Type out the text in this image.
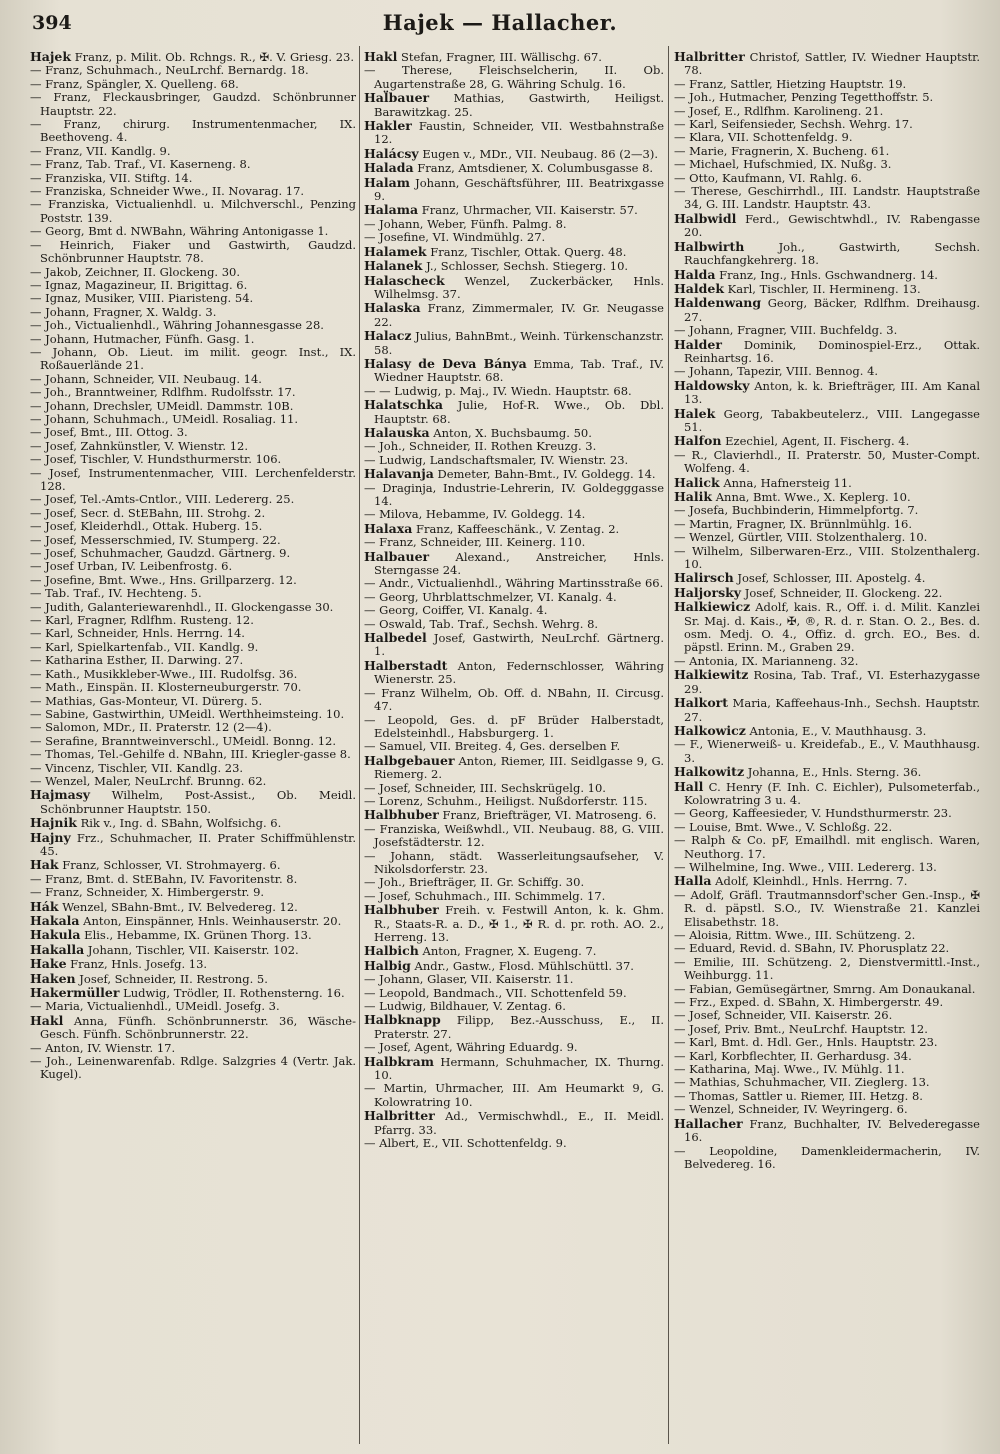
394	Hajek — Hallacher.
Hajek Franz, p. Milit. Ob. Rchngs. R., ✠. V. Griesg. 23.
— Franz, Schuhmach., NeuLrchf. Bernardg. 18.
— Franz, Spängler, X. Quelleng. 68.
— Franz, Fleckausbringer, Gaudzd. Schönbrunner Hauptstr. 22.
— Franz, chirurg. Instrumentenmacher, IX. Beethoveng. 4.
— Franz, VII. Kandlg. 9.
— Franz, Tab. Traf., VI. Kaserneng. 8.
— Franziska, VII. Stiftg. 14.
— Franziska, Schneider Wwe., II. Novarag. 17.
— Franziska, Victualienhdl. u. Milchverschl., Penzing Poststr. 139.
— Georg, Bmt d. NWBahn, Währing Antonigasse 1.
— Heinrich, Fiaker und Gastwirth, Gaudzd. Schönbrunner Hauptstr. 78.
— Jakob, Zeichner, II. Glockeng. 30.
— Ignaz, Magazineur, II. Brigittag. 6.
— Ignaz, Musiker, VIII. Piaristeng. 54.
— Johann, Fragner, X. Waldg. 3.
— Joh., Victualienhdl., Währing Johannesgasse 28.
— Johann, Hutmacher, Fünfh. Gasg. 1.
— Johann, Ob. Lieut. im milit. geogr. Inst., IX. Roßauerlände 21.
— Johann, Schneider, VII. Neubaug. 14.
— Joh., Branntweiner, Rdlfhm. Rudolfsstr. 17.
— Johann, Drechsler, UMeidl. Dammstr. 10B.
— Johann, Schuhmach., UMeidl. Rosaliag. 11.
— Josef, Bmt., III. Ottog. 3.
— Josef, Zahnkünstler, V. Wienstr. 12.
— Josef, Tischler, V. Hundsthurmerstr. 106.
— Josef, Instrumentenmacher, VIII. Lerchenfelderstr. 128.
— Josef, Tel.-Amts-Cntlor., VIII. Ledererg. 25.
— Josef, Secr. d. StEBahn, III. Strohg. 2.
— Josef, Kleiderhdl., Ottak. Huberg. 15.
— Josef, Messerschmied, IV. Stumperg. 22.
— Josef, Schuhmacher, Gaudzd. Gärtnerg. 9.
— Josef Urban, IV. Leibenfrostg. 6.
— Josefine, Bmt. Wwe., Hns. Grillparzerg. 12.
— Tab. Traf., IV. Hechteng. 5.
— Judith, Galanteriewarenhdl., II. Glockengasse 30.
— Karl, Fragner, Rdlfhm. Rusteng. 12.
— Karl, Schneider, Hnls. Herrng. 14.
— Karl, Spielkartenfab., VII. Kandlg. 9.
— Katharina Esther, II. Darwing. 27.
— Kath., Musikkleber-Wwe., III. Rudolfsg. 36.
— Math., Einspän. II. Klosterneuburgerstr. 70.
— Mathias, Gas-Monteur, VI. Dürerg. 5.
— Sabine, Gastwirthin, UMeidl. Werthheimsteing. 10.
— Salomon, MDr., II. Praterstr. 12 (2—4).
— Serafine, Branntweinverschl., UMeidl. Bonng. 12.
— Thomas, Tel.-Gehilfe d. NBahn, III. Kriegler-gasse 8.
— Vincenz, Tischler, VII. Kandlg. 23.
— Wenzel, Maler, NeuLrchf. Brunng. 62.
Hajmasy Wilhelm, Post-Assist., Ob. Meidl. Schönbrunner Hauptstr. 150.
Hajnik Rik v., Ing. d. SBahn, Wolfsichg. 6.
Hajny Frz., Schuhmacher, II. Prater Schiffmühlenstr. 45.
Hak Franz, Schlosser, VI. Strohmayerg. 6.
— Franz, Bmt. d. StEBahn, IV. Favoritenstr. 8.
— Franz, Schneider, X. Himbergerstr. 9.
Hák Wenzel, SBahn-Bmt., IV. Belvedereg. 12.
Hakala Anton, Einspänner, Hnls. Weinhauserstr. 20.
Hakula Elis., Hebamme, IX. Grünen Thorg. 13.
Hakalla Johann, Tischler, VII. Kaiserstr. 102.
Hake Franz, Hnls. Josefg. 13.
Haken Josef, Schneider, II. Restrong. 5.
Hakermüller Ludwig, Trödler, II. Rothensterng. 16.
— Maria, Victualienhdl., UMeidl. Josefg. 3.
Hakl Anna, Fünfh. Schönbrunnerstr. 36, Wäsche-Gesch. Fünfh. Schönbrunnerstr. 22.
— Anton, IV. Wienstr. 17.
— Joh., Leinenwarenfab. Rdlge. Salzgries 4 (Vertr. Jak. Kugel).
Hakl Stefan, Fragner, III. Wällischg. 67.
— Therese, Fleischselcherin, II. Ob. Augartenstraße 28, G. Währing Schulg. 16.
Hal̈bauer Mathias, Gastwirth, Heiligst. Barawitzkag. 25.
Hakler Faustin, Schneider, VII. Westbahnstraße 12.
Halácsy Eugen v., MDr., VII. Neubaug. 86 (2—3).
Halada Franz, Amtsdiener, X. Columbusgasse 8.
Halam Johann, Geschäftsführer, III. Beatrixgasse 9.
Halama Franz, Uhrmacher, VII. Kaiserstr. 57.
— Johann, Weber, Fünfh. Palmg. 8.
— Josefine, VI. Windmühlg. 27.
Halamek Franz, Tischler, Ottak. Querg. 48.
Halanek J., Schlosser, Sechsh. Stiegerg. 10.
Halascheck Wenzel, Zuckerbäcker, Hnls. Wilhelmsg. 37.
Halaska Franz, Zimmermaler, IV. Gr. Neugasse 22.
Halacz Julius, BahnBmt., Weinh. Türkenschanzstr. 58.
Halasy de Deva Bánya Emma, Tab. Traf., IV. Wiedner Hauptstr. 68.
— — Ludwig, p. Maj., IV. Wiedn. Hauptstr. 68.
Halatschka Julie, Hof-R. Wwe., Ob. Dbl. Hauptstr. 68.
Halauska Anton, X. Buchsbaumg. 50.
— Joh., Schneider, II. Rothen Kreuzg. 3.
— Ludwig, Landschaftsmaler, IV. Wienstr. 23.
Halavanja Demeter, Bahn-Bmt., IV. Goldegg. 14.
— Draginja, Industrie-Lehrerin, IV. Goldegggasse 14.
— Milova, Hebamme, IV. Goldegg. 14.
Halaxa Franz, Kaffeeschänk., V. Zentag. 2.
— Franz, Schneider, III. Keinerg. 110.
Halbauer Alexand., Anstreicher, Hnls. Sterngasse 24.
— Andr., Victualienhdl., Währing Martinsstraße 66.
— Georg, Uhrblattschmelzer, VI. Kanalg. 4.
— Georg, Coiffer, VI. Kanalg. 4.
— Oswald, Tab. Traf., Sechsh. Wehrg. 8.
Halbedel Josef, Gastwirth, NeuLrchf. Gärtnerg. 1.
Halberstadt Anton, Federnschlosser, Währing Wienerstr. 25.
— Franz Wilhelm, Ob. Off. d. NBahn, II. Circusg. 47.
— Leopold, Ges. d. pF Brüder Halberstadt, Edelsteinhdl., Habsburgerg. 1.
— Samuel, VII. Breiteg. 4, Ges. derselben F.
Halbgebauer Anton, Riemer, III. Seidlgasse 9, G. Riemerg. 2.
— Josef, Schneider, III. Sechskrügelg. 10.
— Lorenz, Schuhm., Heiligst. Nußdorferstr. 115.
Halbhuber Franz, Briefträger, VI. Matroseng. 6.
— Franziska, Weißwhdl., VII. Neubaug. 88, G. VIII. Josefstädterstr. 12.
— Johann, städt. Wasserleitungsaufseher, V. Nikolsdorferstr. 23.
— Joh., Briefträger, II. Gr. Schiffg. 30.
— Josef, Schuhmach., III. Schimmelg. 17.
Halbhuber Freih. v. Festwill Anton, k. k. Ghm. R., Staats-R. a. D., ✠ 1., ✠ R. d. pr. roth. AO. 2., Herreng. 13.
Halbich Anton, Fragner, X. Eugeng. 7.
Halbig Andr., Gastw., Flosd. Mühlschüttl. 37.
— Johann, Glaser, VII. Kaiserstr. 11.
— Leopold, Bandmach., VII. Schottenfeld 59.
— Ludwig, Bildhauer, V. Zentag. 6.
Halbknapp Filipp, Bez.-Ausschuss, E., II. Praterstr. 27.
— Josef, Agent, Währing Eduardg. 9.
Halbkram Hermann, Schuhmacher, IX. Thurng. 10.
— Martin, Uhrmacher, III. Am Heumarkt 9, G. Kolowratring 10.
Halbritter Ad., Vermischwhdl., E., II. Meidl. Pfarrg. 33.
— Albert, E., VII. Schottenfeldg. 9.
Halbritter Christof, Sattler, IV. Wiedner Hauptstr. 78.
— Franz, Sattler, Hietzing Hauptstr. 19.
— Joh., Hutmacher, Penzing Tegetthoffstr. 5.
— Josef, E., Rdlfhm. Karolineng. 21.
— Karl, Seifensieder, Sechsh. Wehrg. 17.
— Klara, VII. Schottenfeldg. 9.
— Marie, Fragnerin, X. Bucheng. 61.
— Michael, Hufschmied, IX. Nußg. 3.
— Otto, Kaufmann, VI. Rahlg. 6.
— Therese, Geschirrhdl., III. Landstr. Hauptstraße 34, G. III. Landstr. Hauptstr. 43.
Halbwidl Ferd., Gewischtwhdl., IV. Rabengasse 20.
Halbwirth Joh., Gastwirth, Sechsh. Rauchfangkehrerg. 18.
Halda Franz, Ing., Hnls. Gschwandnerg. 14.
Haldek Karl, Tischler, II. Hermineng. 13.
Haldenwang Georg, Bäcker, Rdlfhm. Dreihausg. 27.
— Johann, Fragner, VIII. Buchfeldg. 3.
Halder Dominik, Dominospiel-Erz., Ottak. Reinhartsg. 16.
— Johann, Tapezir, VIII. Bennog. 4.
Haldowsky Anton, k. k. Briefträger, III. Am Kanal 13.
Halek Georg, Tabakbeutelerz., VIII. Langegasse 51.
Halfon Ezechiel, Agent, II. Fischerg. 4.
— R., Clavierhdl., II. Praterstr. 50, Muster-Compt. Wolfeng. 4.
Halick Anna, Hafnersteig 11.
Halik Anna, Bmt. Wwe., X. Keplerg. 10.
— Josefa, Buchbinderin, Himmelpfortg. 7.
— Martin, Fragner, IX. Brünnlmühlg. 16.
— Wenzel, Gürtler, VIII. Stolzenthalerg. 10.
— Wilhelm, Silberwaren-Erz., VIII. Stolzenthalerg. 10.
Halirsch Josef, Schlosser, III. Apostelg. 4.
Haljorsky Josef, Schneider, II. Glockeng. 22.
Halkiewicz Adolf, kais. R., Off. i. d. Milit. Kanzlei Sr. Maj. d. Kais., ✠, ®, R. d. r. Stan. O. 2., Bes. d. osm. Medj. O. 4., Offiz. d. grch. EO., Bes. d. päpstl. Erinn. M., Graben 29.
— Antonia, IX. Marianneng. 32.
Halkiewitz Rosina, Tab. Traf., VI. Esterhazygasse 29.
Halkort Maria, Kaffeehaus-Inh., Sechsh. Hauptstr. 27.
Halkowicz Antonia, E., V. Mauthhausg. 3.
— F., Wienerweiß- u. Kreidefab., E., V. Mauthhausg. 3.
Halkowitz Johanna, E., Hnls. Sterng. 36.
Hall C. Henry (F. Inh. C. Eichler), Pulsometerfab., Kolowratring 3 u. 4.
— Georg, Kaffeesieder, V. Hundsthurmerstr. 23.
— Louise, Bmt. Wwe., V. Schloßg. 22.
— Ralph & Co. pF, Emailhdl. mit englisch. Waren, Neuthorg. 17.
— Wilhelmine, Ing. Wwe., VIII. Ledererg. 13.
Halla Adolf, Kleinhdl., Hnls. Herrng. 7.
— Adolf, Gräfl. Trautmannsdorf'scher Gen.-Insp., ✠ R. d. päpstl. S.O., IV. Wienstraße 21. Kanzlei Elisabethstr. 18.
— Aloisia, Rittm. Wwe., III. Schützeng. 2.
— Eduard, Revid. d. SBahn, IV. Phorusplatz 22.
— Emilie, III. Schützeng. 2, Dienstvermittl.-Inst., Weihburgg. 11.
— Fabian, Gemüsegärtner, Smrng. Am Donaukanal.
— Frz., Exped. d. SBahn, X. Himbergerstr. 49.
— Josef, Schneider, VII. Kaiserstr. 26.
— Josef, Priv. Bmt., NeuLrchf. Hauptstr. 12.
— Karl, Bmt. d. Hdl. Ger., Hnls. Hauptstr. 23.
— Karl, Korbflechter, II. Gerhardusg. 34.
— Katharina, Maj. Wwe., IV. Mühlg. 11.
— Mathias, Schuhmacher, VII. Zieglerg. 13.
— Thomas, Sattler u. Riemer, III. Hetzg. 8.
— Wenzel, Schneider, IV. Weyringerg. 6.
Hallacher Franz, Buchhalter, IV. Belvederegasse 16.
— Leopoldine, Damenkleidermacherin, IV. Belvedereg. 16.
